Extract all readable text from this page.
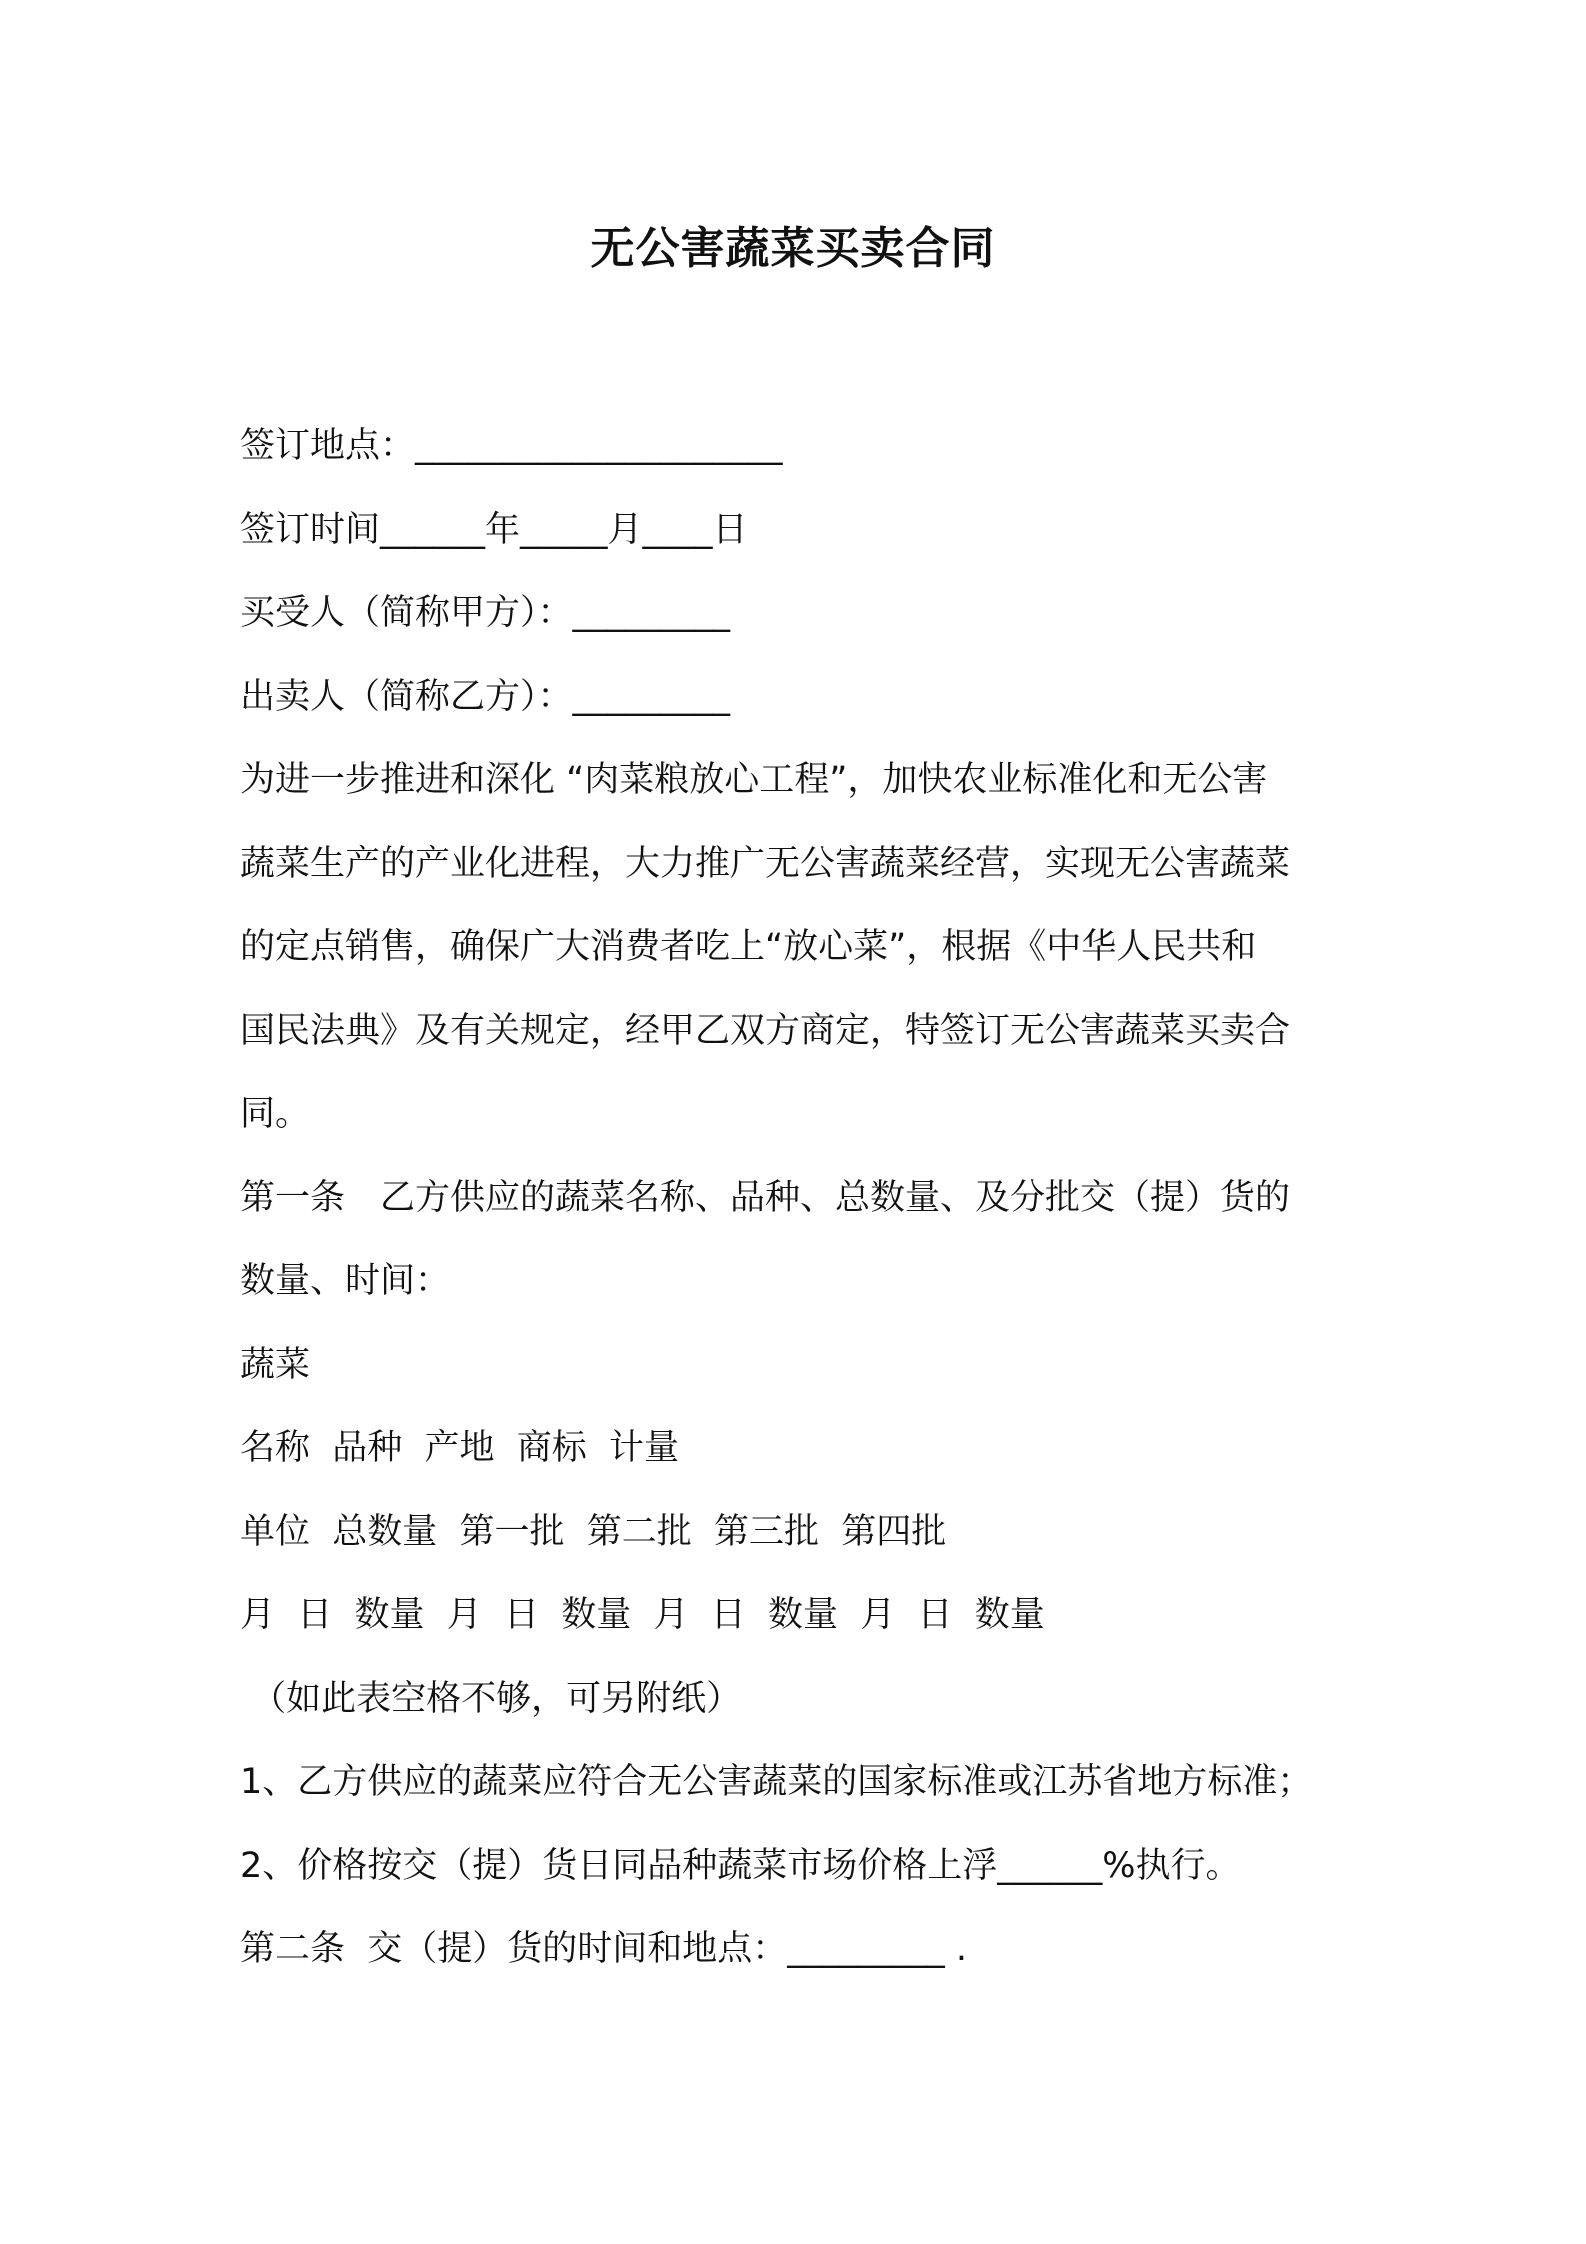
无公害蔬菜买卖合同
签订地点：_____________________
签订时间______年_____月____日
买受人（简称甲方）：_________
出卖人（简称乙方）：_________
为进一步推进和深化 “肉菜粮放心工程”，加快农业标准化和无公害
蔬菜生产的产业化进程，大力推广无公害蔬菜经营，实现无公害蔬菜
的定点销售，确保广大消费者吃上“放心菜”，根据《中华人民共和
国民法典》及有关规定，经甲乙双方商定，特签订无公害蔬菜买卖合
同。
第一条　乙方供应的蔬菜名称、品种、总数量、及分批交（提）货的
数量、时间：
蔬菜
名称  品种  产地  商标  计量
单位  总数量  第一批  第二批  第三批  第四批
月  日  数量  月  日  数量  月  日  数量  月  日  数量
（如此表空格不够，可另附纸）
1、乙方供应的蔬菜应符合无公害蔬菜的国家标准或江苏省地方标准；
2、价格按交（提）货日同品种蔬菜市场价格上浮______%执行。
第二条  交（提）货的时间和地点：_________ .
